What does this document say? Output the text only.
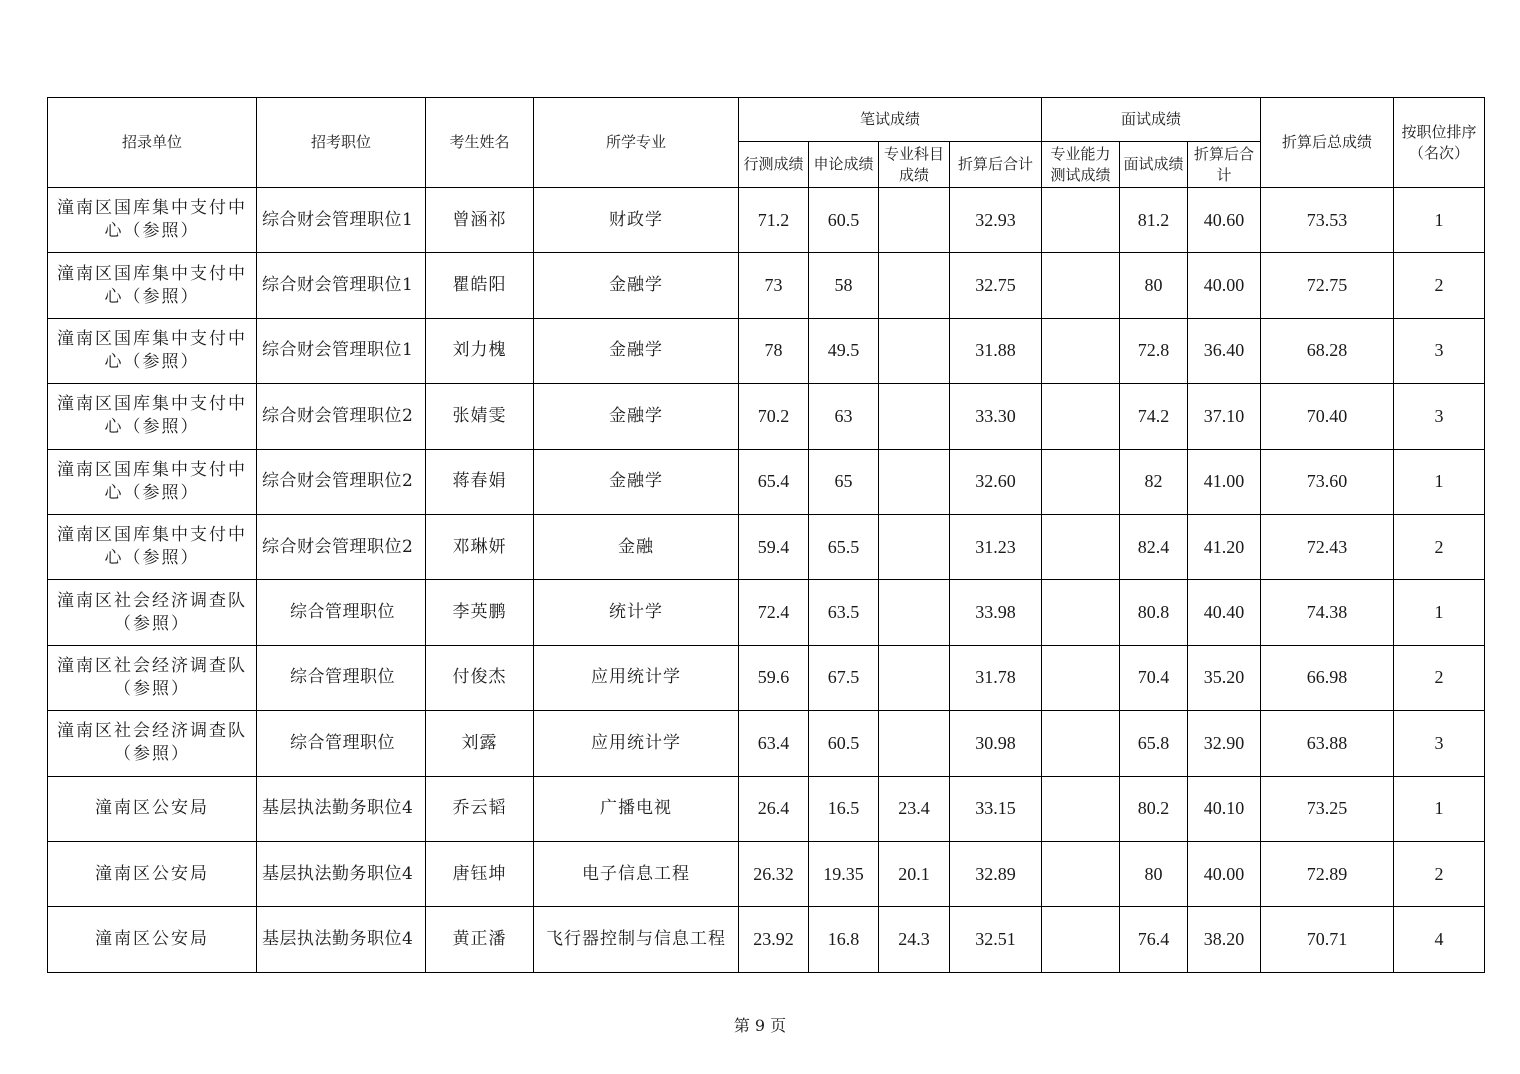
招录单位	招考职位	考生姓名	所学专业	笔试成绩				面试成绩			折算后总成绩	按职位排序（名次）
				行测成绩	申论成绩	专业科目成绩	折算后合计	专业能力测试成绩	面试成绩	折算后合计		
潼南区国库集中支付中心（参照）	综合财会管理职位1	曾涵祁	财政学	71.2	60.5		32.93		81.2	40.60	73.53	1
潼南区国库集中支付中心（参照）	综合财会管理职位1	瞿皓阳	金融学	73	58		32.75		80	40.00	72.75	2
潼南区国库集中支付中心（参照）	综合财会管理职位1	刘力槐	金融学	78	49.5		31.88		72.8	36.40	68.28	3
潼南区国库集中支付中心（参照）	综合财会管理职位2	张婧雯	金融学	70.2	63		33.30		74.2	37.10	70.40	3
潼南区国库集中支付中心（参照）	综合财会管理职位2	蒋春娟	金融学	65.4	65		32.60		82	41.00	73.60	1
潼南区国库集中支付中心（参照）	综合财会管理职位2	邓琳妍	金融	59.4	65.5		31.23		82.4	41.20	72.43	2
潼南区社会经济调查队（参照）	综合管理职位	李英鹏	统计学	72.4	63.5		33.98		80.8	40.40	74.38	1
潼南区社会经济调查队（参照）	综合管理职位	付俊杰	应用统计学	59.6	67.5		31.78		70.4	35.20	66.98	2
潼南区社会经济调查队（参照）	综合管理职位	刘露	应用统计学	63.4	60.5		30.98		65.8	32.90	63.88	3
潼南区公安局	基层执法勤务职位4	乔云韬	广播电视	26.4	16.5	23.4	33.15		80.2	40.10	73.25	1
潼南区公安局	基层执法勤务职位4	唐钰坤	电子信息工程	26.32	19.35	20.1	32.89		80	40.00	72.89	2
潼南区公安局	基层执法勤务职位4	黄正潘	飞行器控制与信息工程	23.92	16.8	24.3	32.51		76.4	38.20	70.71	4
第 9 页
